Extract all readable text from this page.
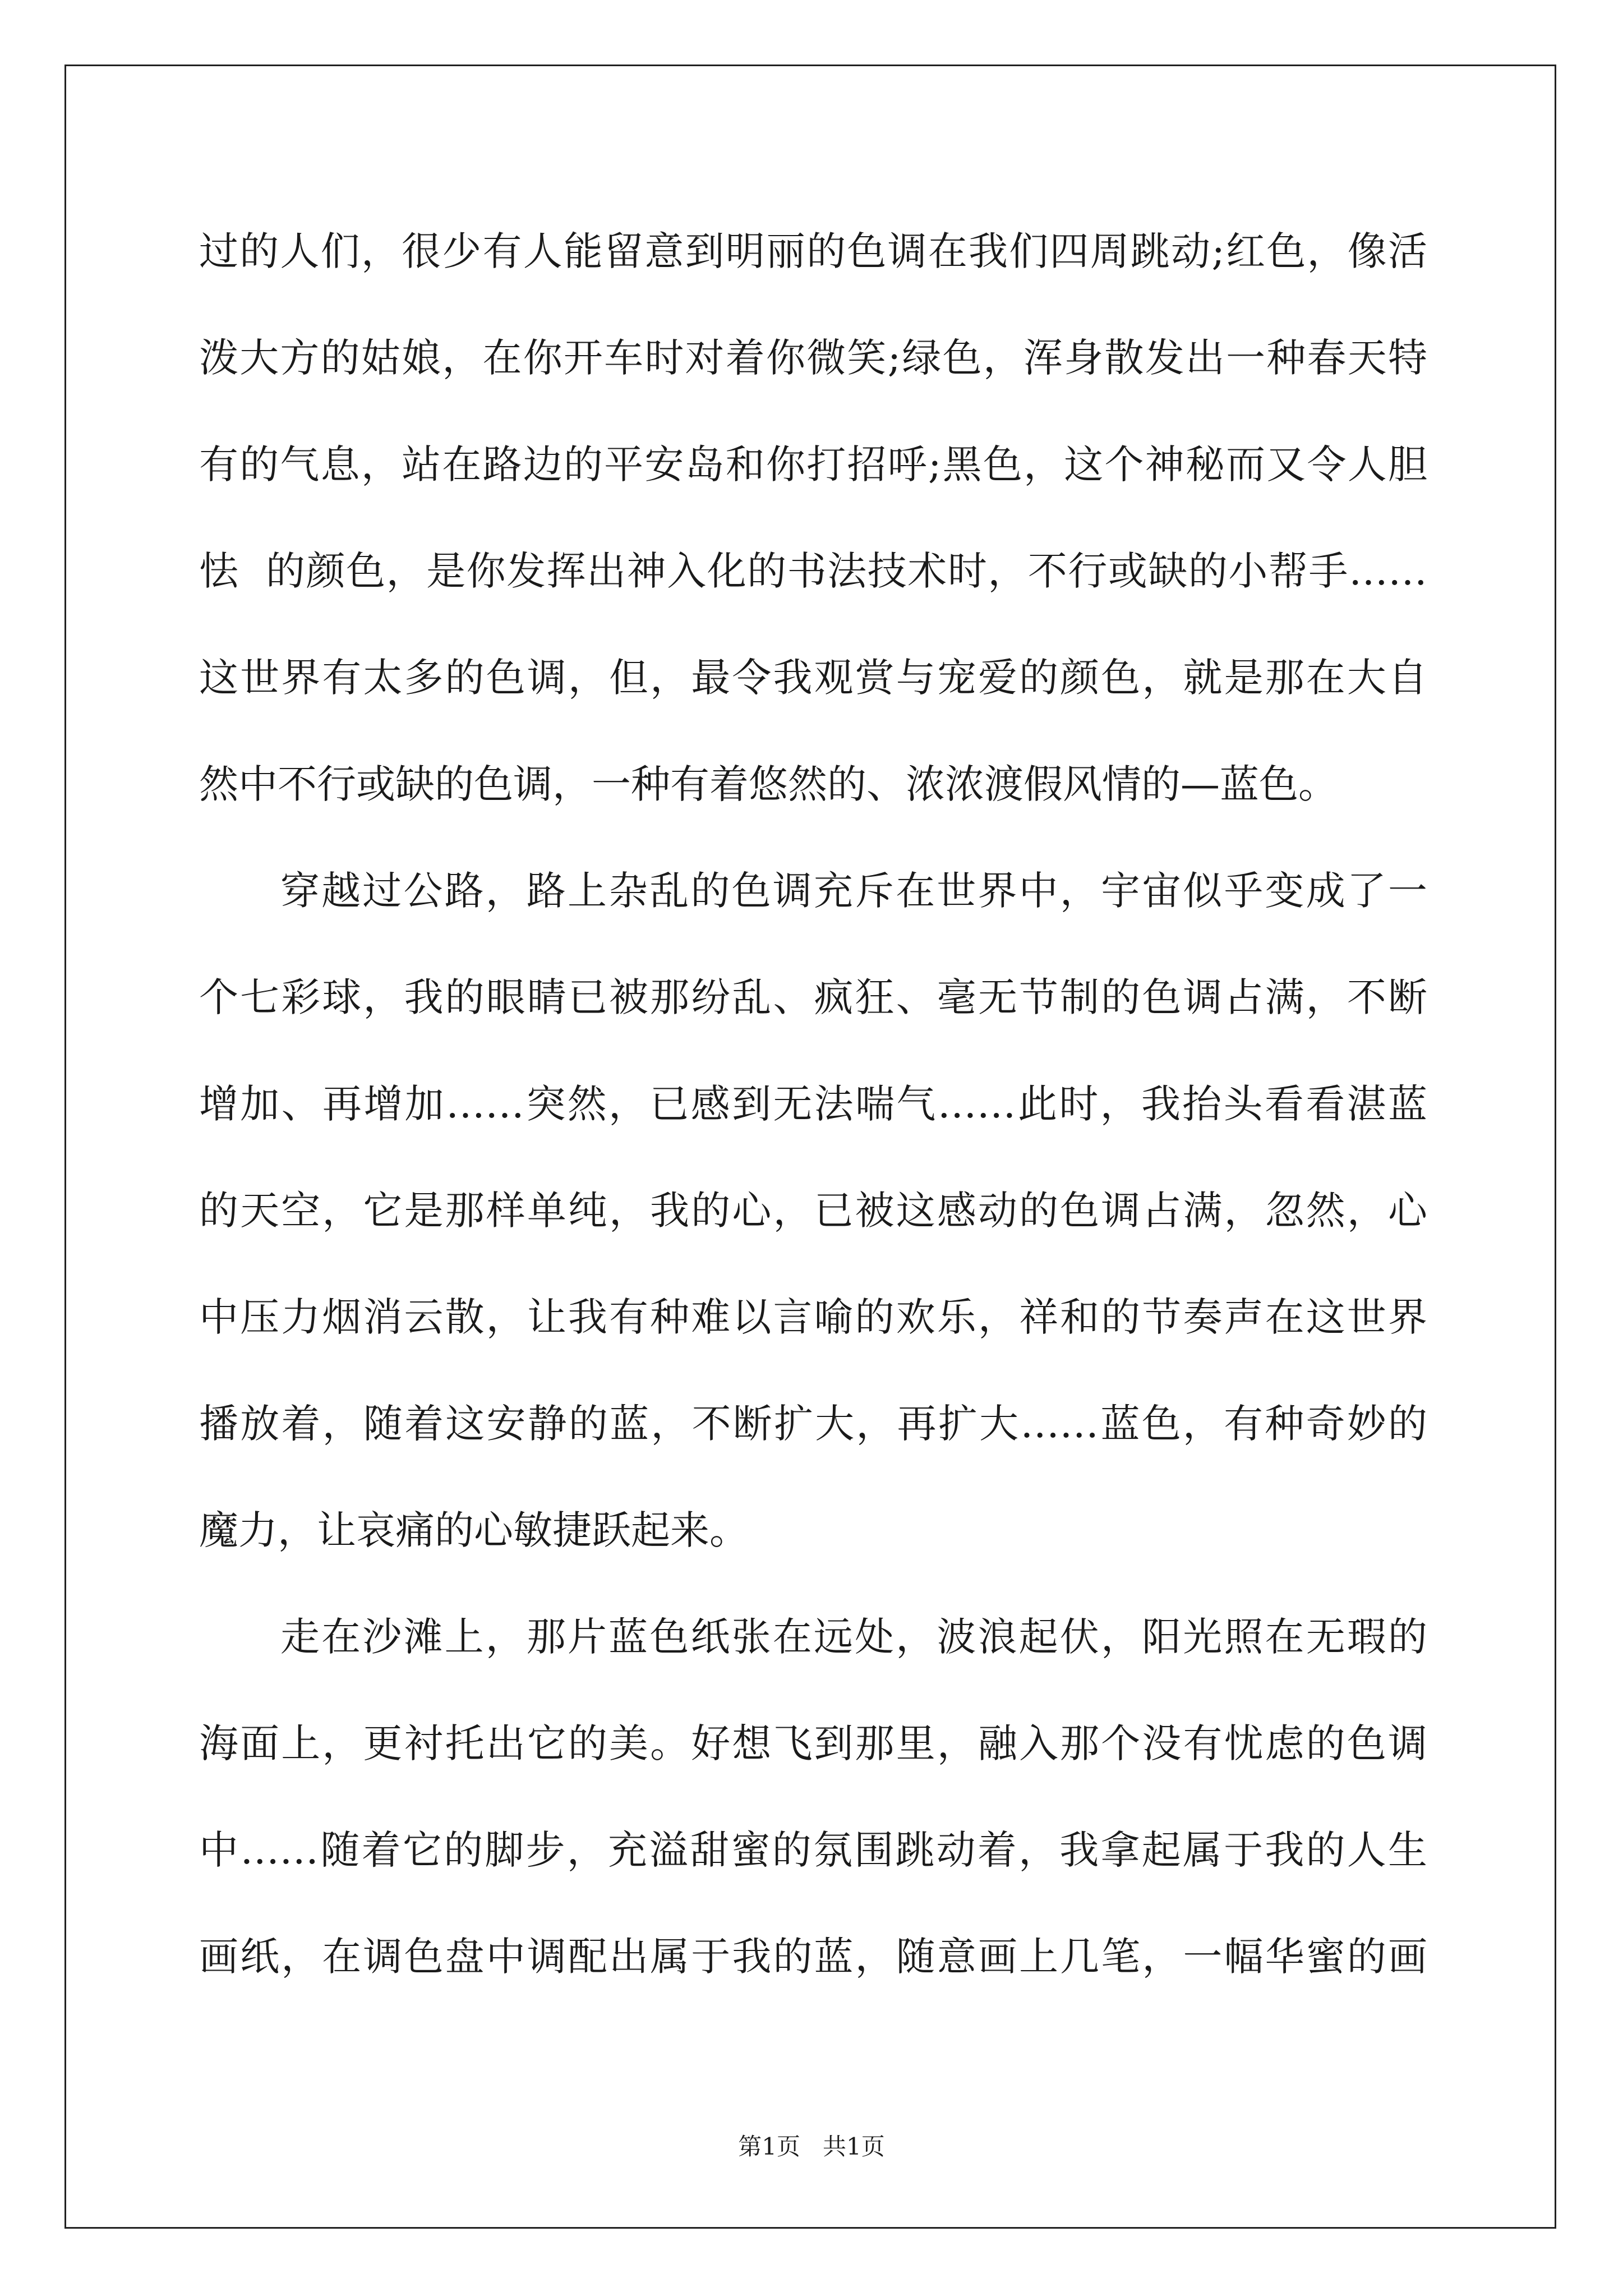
过的人们，很少有人能留意到明丽的色调在我们四周跳动;红色，像活
泼大方的姑娘，在你开车时对着你微笑;绿色，浑身散发出一种春天特
有的气息，站在路边的平安岛和你打招呼;黑色，这个神秘而又令人胆
怯  的颜色，是你发挥出神入化的书法技术时，不行或缺的小帮手……
这世界有太多的色调，但，最令我观赏与宠爱的颜色，就是那在大自
然中不行或缺的色调，一种有着悠然的、浓浓渡假风情的—蓝色。
穿越过公路，路上杂乱的色调充斥在世界中，宇宙似乎变成了一
个七彩球，我的眼睛已被那纷乱、疯狂、毫无节制的色调占满，不断
增加、再增加……突然，已感到无法喘气……此时，我抬头看看湛蓝
的天空，它是那样单纯，我的心，已被这感动的色调占满，忽然，心
中压力烟消云散，让我有种难以言喻的欢乐，祥和的节奏声在这世界
播放着，随着这安静的蓝，不断扩大，再扩大……蓝色，有种奇妙的
魔力，让哀痛的心敏捷跃起来。
走在沙滩上，那片蓝色纸张在远处，波浪起伏，阳光照在无瑕的
海面上，更衬托出它的美。好想飞到那里，融入那个没有忧虑的色调
中……随着它的脚步，充溢甜蜜的氛围跳动着，我拿起属于我的人生
画纸，在调色盘中调配出属于我的蓝，随意画上几笔，一幅华蜜的画
第1页   共1页
